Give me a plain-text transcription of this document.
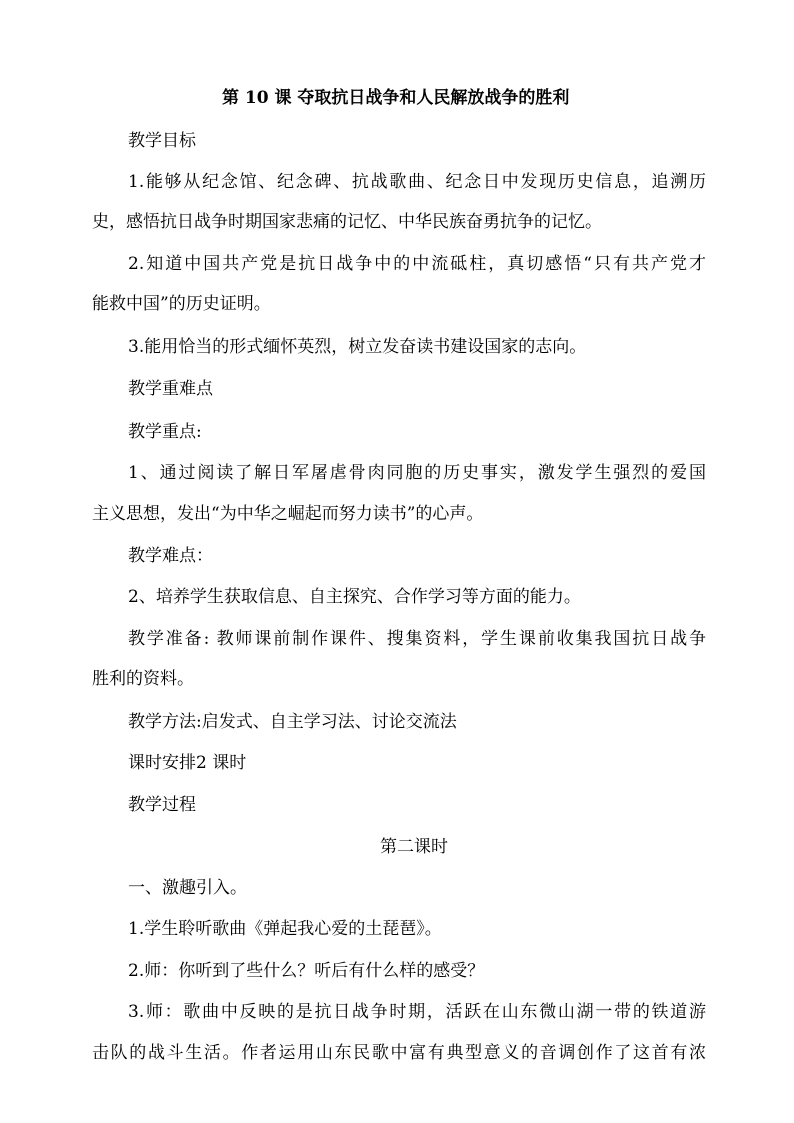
第 10 课 夺取抗日战争和人民解放战争的胜利
教学目标
1.能够从纪念馆、纪念碑、抗战歌曲、纪念日中发现历史信息，追溯历
史，感悟抗日战争时期国家悲痛的记忆、中华民族奋勇抗争的记忆。
2.知道中国共产党是抗日战争中的中流砥柱，真切感悟“只有共产党才
能救中国”的历史证明。
3.能用恰当的形式缅怀英烈，树立发奋读书建设国家的志向。
教学重难点
教学重点:
1、通过阅读了解日军屠虐骨肉同胞的历史事实，激发学生强烈的爱国
主义思想，发出“为中华之崛起而努力读书”的心声。
教学难点：
2、培养学生获取信息、自主探究、合作学习等方面的能力。
教学准备: 教师课前制作课件、搜集资料，学生课前收集我国抗日战争
胜利的资料。
教学方法:启发式、自主学习法、讨论交流法
课时安排2 课时
教学过程
第二课时
一、激趣引入。
1.学生聆听歌曲《弹起我心爱的土琵琶》。
2.师：你听到了些什么？听后有什么样的感受？
3.师：歌曲中反映的是抗日战争时期，活跃在山东微山湖一带的铁道游
击队的战斗生活。作者运用山东民歌中富有典型意义的音调创作了这首有浓
